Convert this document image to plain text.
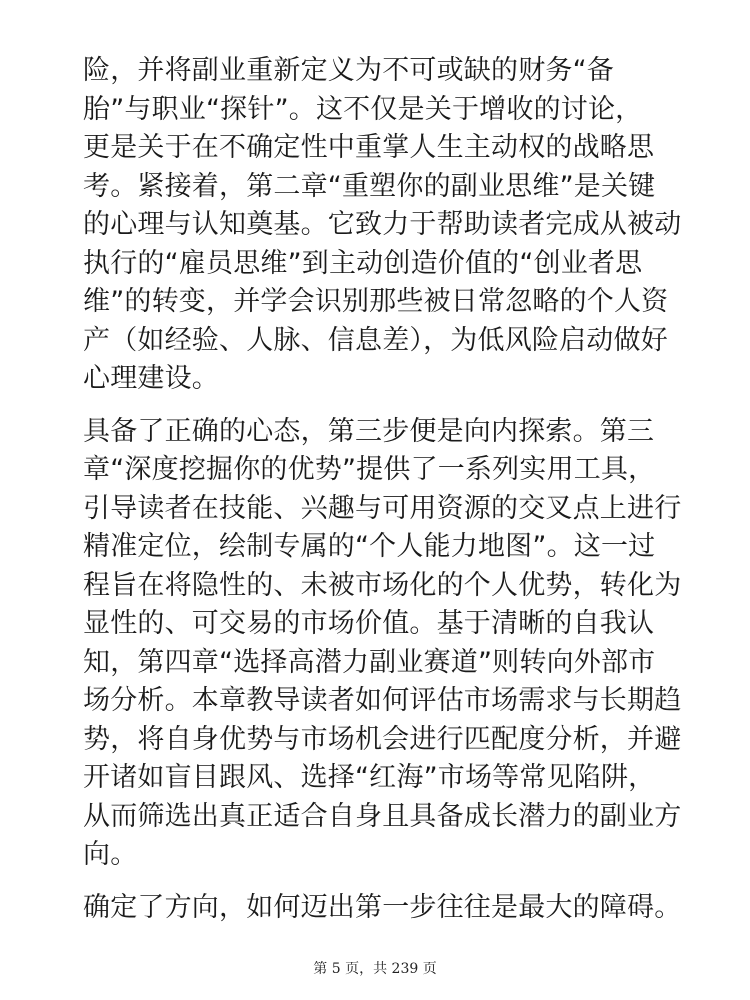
险，并将副业重新定义为不可或缺的财务“备
胎”与职业“探针”。这不仅是关于增收的讨论，
更是关于在不确定性中重掌人生主动权的战略思
考。紧接着，第二章“重塑你的副业思维”是关键
的心理与认知奠基。它致力于帮助读者完成从被动
执行的“雇员思维”到主动创造价值的“创业者思
维”的转变，并学会识别那些被日常忽略的个人资
产（如经验、人脉、信息差），为低风险启动做好
心理建设。
具备了正确的心态，第三步便是向内探索。第三
章“深度挖掘你的优势”提供了一系列实用工具，
引导读者在技能、兴趣与可用资源的交叉点上进行
精准定位，绘制专属的“个人能力地图”。这一过
程旨在将隐性的、未被市场化的个人优势，转化为
显性的、可交易的市场价值。基于清晰的自我认
知，第四章“选择高潜力副业赛道”则转向外部市
场分析。本章教导读者如何评估市场需求与长期趋
势，将自身优势与市场机会进行匹配度分析，并避
开诸如盲目跟风、选择“红海”市场等常见陷阱，
从而筛选出真正适合自身且具备成长潜力的副业方
向。
确定了方向，如何迈出第一步往往是最大的障碍。
第 5 页，共 239 页
